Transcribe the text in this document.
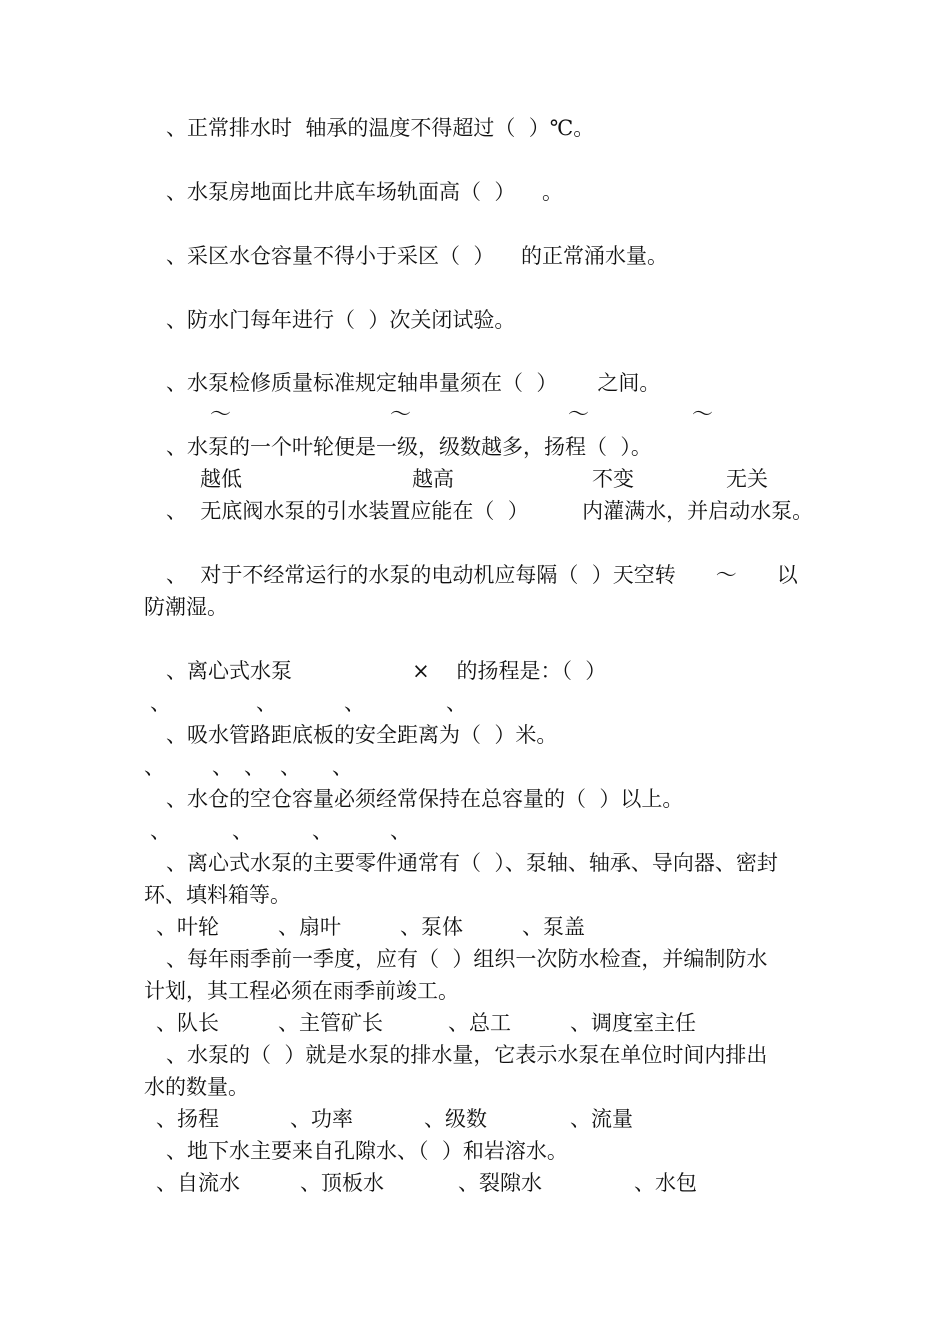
、正常排水时  轴承的温度不得超过（  ）℃。
、水泵房地面比井底车场轨面高（  ）    。
、采区水仓容量不得小于采区（  ）    的正常涌水量。
、防水门每年进行（  ）次关闭试验。
、水泵检修质量标准规定轴串量须在（  ）      之间。
～	～	～	～
、水泵的一个叶轮便是一级，级数越多，扬程（  ）。
越低	越高	不变	无关
、  无底阀水泵的引水装置应能在（  ）        内灌满水，并启动水泵。
、  对于不经常运行的水泵的电动机应每隔（  ）天空转      ～      以
防潮湿。
、离心式水泵                  ×    的扬程是：（  ）
、	、	、	、
、吸水管路距底板的安全距离为（  ）米。
、 、 、 、 、
、水仓的空仓容量必须经常保持在总容量的（  ）以上。
、	、	、	、
、离心式水泵的主要零件通常有（  ）、泵轴、轴承、导向器、密封
环、填料箱等。
、叶轮	、扇叶	、泵体	、泵盖
、每年雨季前一季度，应有（  ）组织一次防水检查，并编制防水
计划，其工程必须在雨季前竣工。
、队长	、主管矿长	、总工	、调度室主任
、水泵的（  ）就是水泵的排水量，它表示水泵在单位时间内排出
水的数量。
、扬程	、功率	、级数	、流量
、地下水主要来自孔隙水、（  ）和岩溶水。
、自流水	、顶板水	、裂隙水	、水包
